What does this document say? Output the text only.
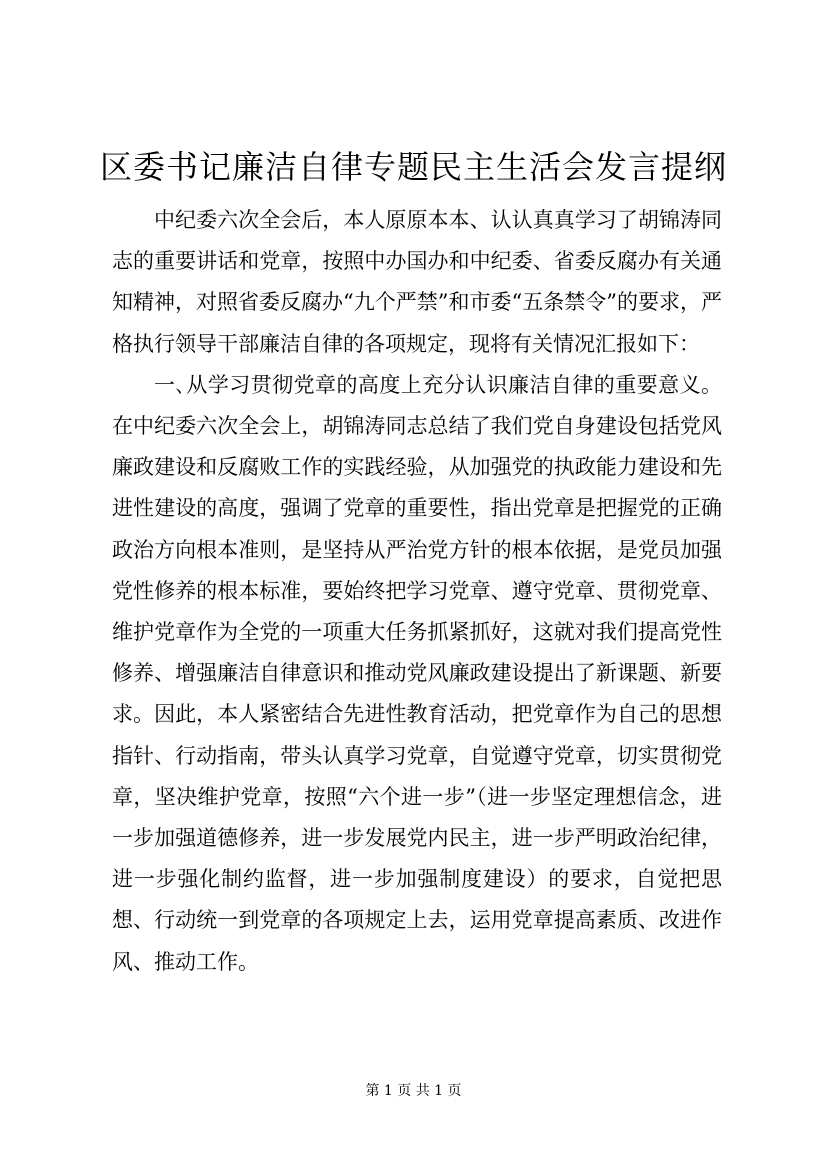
区委书记廉洁自律专题民主生活会发言提纲

中纪委六次全会后，本人原原本本、认认真真学习了胡锦涛同志的重要讲话和党章，按照中办国办和中纪委、省委反腐办有关通知精神，对照省委反腐办“九个严禁”和市委“五条禁令”的要求，严格执行领导干部廉洁自律的各项规定，现将有关情况汇报如下：

一､从学习贯彻党章的高度上充分认识廉洁自律的重要意义。在中纪委六次全会上，胡锦涛同志总结了我们党自身建设包括党风廉政建设和反腐败工作的实践经验，从加强党的执政能力建设和先进性建设的高度，强调了党章的重要性，指出党章是把握党的正确政治方向根本准则，是坚持从严治党方针的根本依据，是党员加强党性修养的根本标准，要始终把学习党章、遵守党章、贯彻党章、维护党章作为全党的一项重大任务抓紧抓好，这就对我们提高党性修养、增强廉洁自律意识和推动党风廉政建设提出了新课题、新要求。因此，本人紧密结合先进性教育活动，把党章作为自己的思想指针、行动指南，带头认真学习党章，自觉遵守党章，切实贯彻党章，坚决维护党章，按照“六个进一步”（进一步坚定理想信念，进一步加强道德修养，进一步发展党内民主，进一步严明政治纪律，进一步强化制约监督，进一步加强制度建设）的要求，自觉把思想、行动统一到党章的各项规定上去，运用党章提高素质、改进作风、推动工作。

第 1 页 共 1 页
